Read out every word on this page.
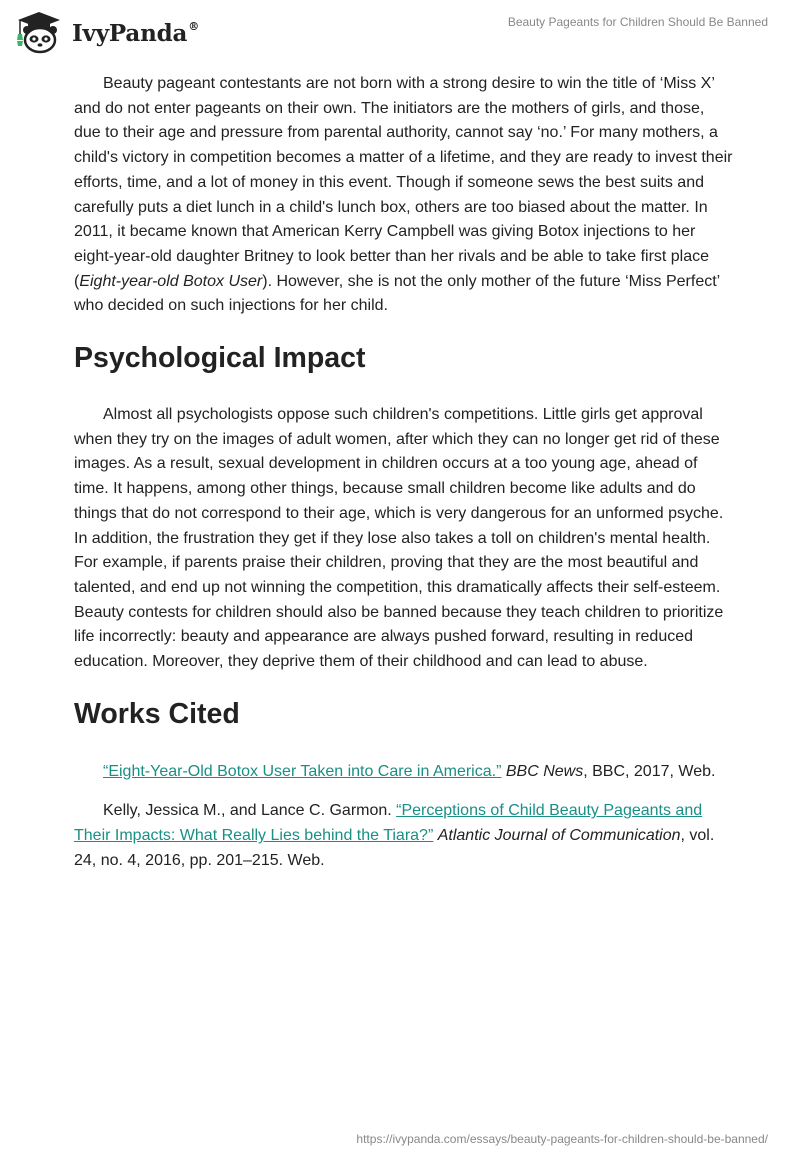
IvyPanda®	Beauty Pageants for Children Should Be Banned

Beauty pageant contestants are not born with a strong desire to win the title of ‘Miss X’ and do not enter pageants on their own. The initiators are the mothers of girls, and those, due to their age and pressure from parental authority, cannot say ‘no.’ For many mothers, a child's victory in competition becomes a matter of a lifetime, and they are ready to invest their efforts, time, and a lot of money in this event. Though if someone sews the best suits and carefully puts a diet lunch in a child's lunch box, others are too biased about the matter. In 2011, it became known that American Kerry Campbell was giving Botox injections to her eight-year-old daughter Britney to look better than her rivals and be able to take first place (Eight-year-old Botox User). However, she is not the only mother of the future ‘Miss Perfect’ who decided on such injections for her child.

Psychological Impact

Almost all psychologists oppose such children's competitions. Little girls get approval when they try on the images of adult women, after which they can no longer get rid of these images. As a result, sexual development in children occurs at a too young age, ahead of time. It happens, among other things, because small children become like adults and do things that do not correspond to their age, which is very dangerous for an unformed psyche. In addition, the frustration they get if they lose also takes a toll on children's mental health. For example, if parents praise their children, proving that they are the most beautiful and talented, and end up not winning the competition, this dramatically affects their self-esteem. Beauty contests for children should also be banned because they teach children to prioritize life incorrectly: beauty and appearance are always pushed forward, resulting in reduced education. Moreover, they deprive them of their childhood and can lead to abuse.

Works Cited

“Eight-Year-Old Botox User Taken into Care in America.” BBC News, BBC, 2017, Web.

Kelly, Jessica M., and Lance C. Garmon. “Perceptions of Child Beauty Pageants and Their Impacts: What Really Lies behind the Tiara?” Atlantic Journal of Communication, vol. 24, no. 4, 2016, pp. 201–215. Web.

https://ivypanda.com/essays/beauty-pageants-for-children-should-be-banned/
